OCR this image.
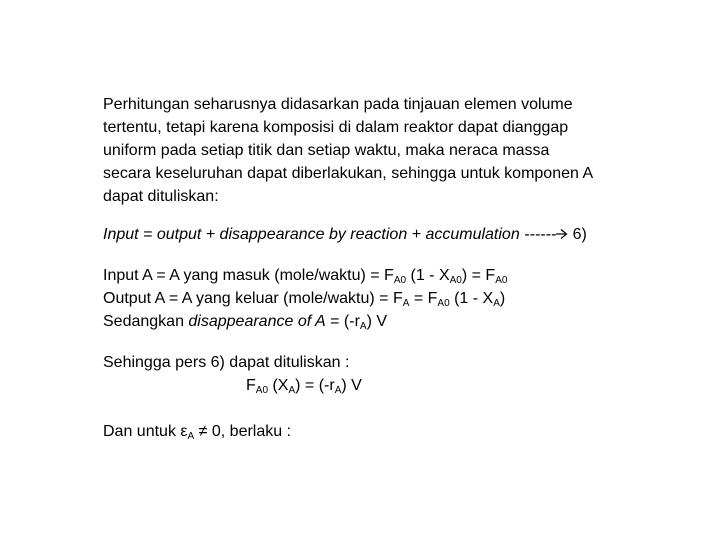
Perhitungan seharusnya didasarkan pada tinjauan elemen volume
tertentu, tetapi karena komposisi di dalam reaktor dapat dianggap
uniform pada setiap titik dan setiap waktu, maka neraca massa
secara keseluruhan dapat diberlakukan, sehingga untuk komponen A
dapat dituliskan:
Input = output + disappearance by reaction + accumulation ------ 6)
Input A = A yang masuk (mole/waktu) = $F_{A0}$ $(1 - X_{A0}) = F_{A0}$
Output A = A yang keluar (mole/waktu) = $F_A = F_{A0}$ $(1 - X_A)$
Sedangkan disappearance of $A = (-r_A)$ V
Sehingga pers 6) dapat dituliskan :
$F_{A0}$ $(X_A) = (-r_A)$ V
Dan untuk $\varepsilon_A \ne 0$, berlaku :
